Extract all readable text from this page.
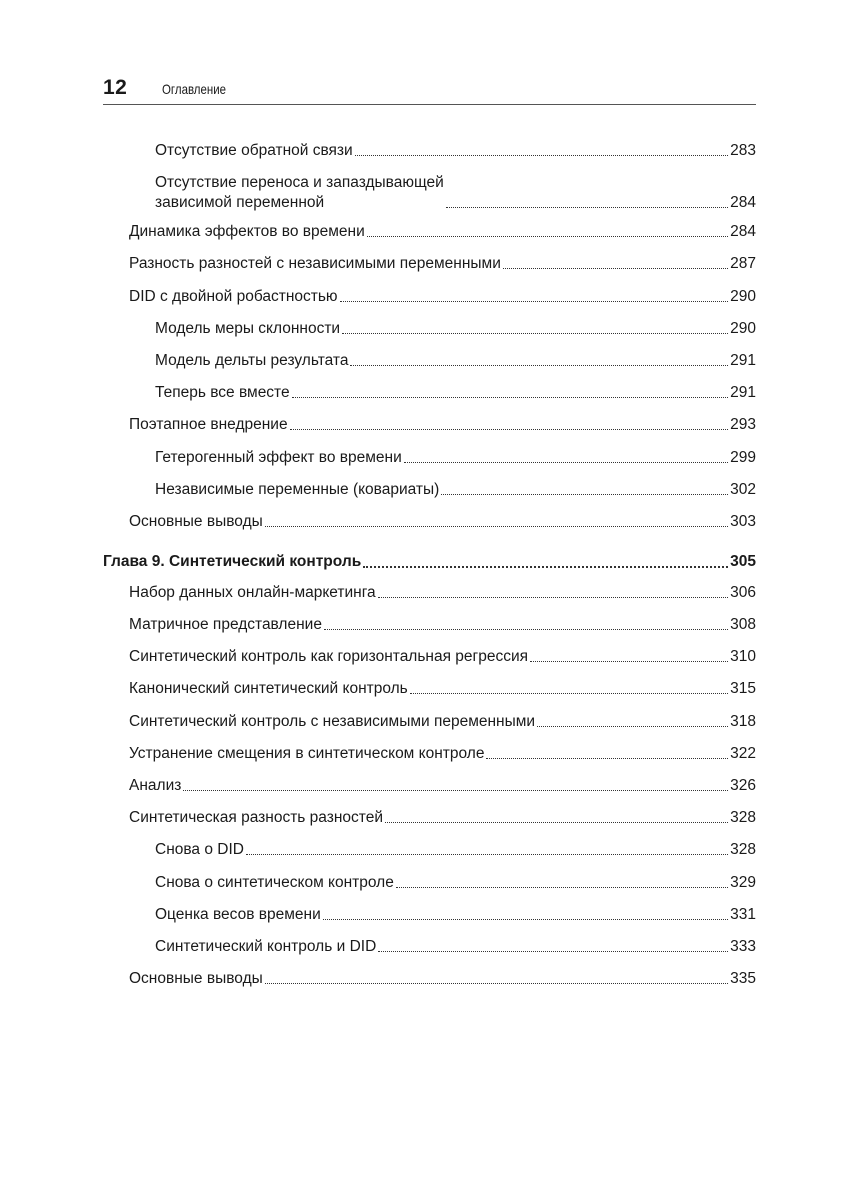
12 Оглавление
Отсутствие обратной связи	283
Отсутствие переноса и запаздывающей
зависимой переменной	284
Динамика эффектов во времени	284
Разность разностей с независимыми переменными	287
DID с двойной робастностью	290
Модель меры склонности	290
Модель дельты результата	291
Теперь все вместе	291
Поэтапное внедрение	293
Гетерогенный эффект во времени	299
Независимые переменные (ковариаты)	302
Основные выводы	303
Глава 9. Синтетический контроль	305
Набор данных онлайн-маркетинга	306
Матричное представление	308
Синтетический контроль как горизонтальная регрессия	310
Канонический синтетический контроль	315
Синтетический контроль с независимыми переменными	318
Устранение смещения в синтетическом контроле	322
Анализ	326
Синтетическая разность разностей	328
Снова о DID	328
Снова о синтетическом контроле	329
Оценка весов времени	331
Синтетический контроль и DID	333
Основные выводы	335
